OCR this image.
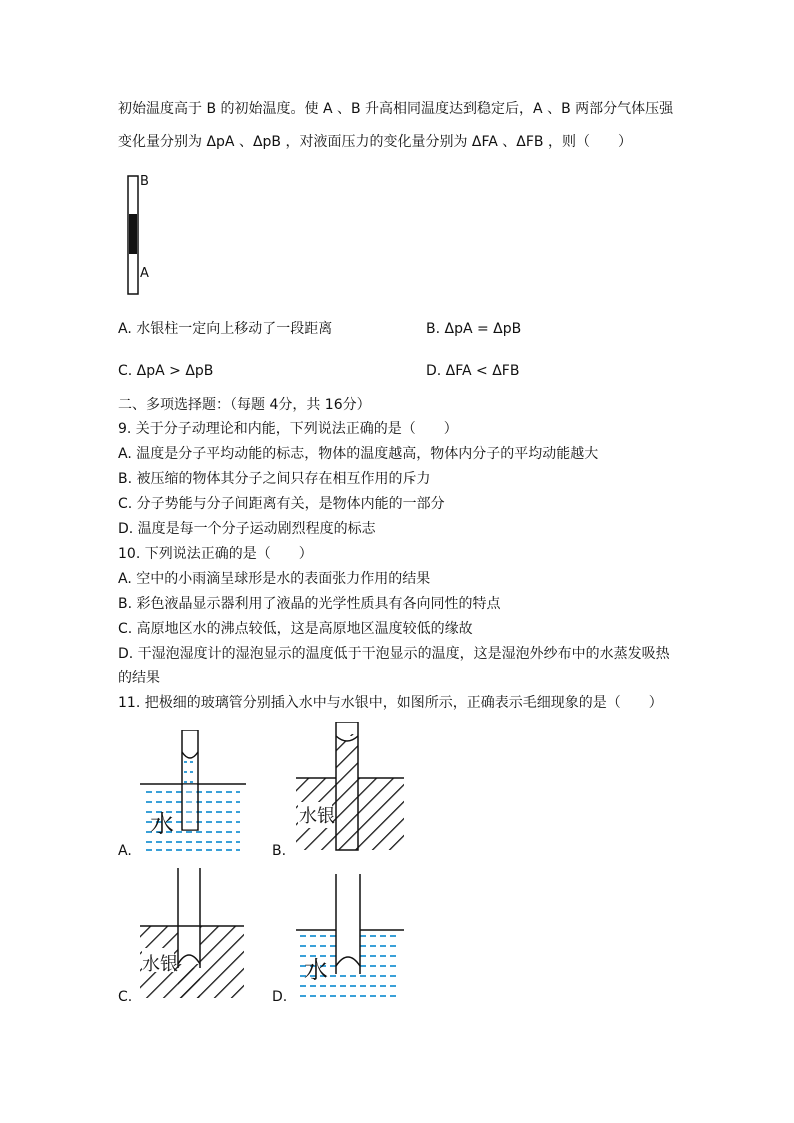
初始温度高于 B 的初始温度。使 A 、B 升高相同温度达到稳定后，A 、B 两部分气体压强
变化量分别为 ΔpA 、ΔpB ，对液面压力的变化量分别为 ΔFA 、ΔFB ，则（　　）
B
A
A. 水银柱一定向上移动了一段距离	B. ΔpA = ΔpB
C. ΔpA > ΔpB	D. ΔFA < ΔFB
二、多项选择题：（每题 4分，共 16分）
9. 关于分子动理论和内能，下列说法正确的是（　　）
A. 温度是分子平均动能的标志，物体的温度越高，物体内分子的平均动能越大
B. 被压缩的物体其分子之间只存在相互作用的斥力
C. 分子势能与分子间距离有关，是物体内能的一部分
D. 温度是每一个分子运动剧烈程度的标志
10. 下列说法正确的是（　　）
A. 空中的小雨滴呈球形是水的表面张力作用的结果
B. 彩色液晶显示器利用了液晶的光学性质具有各向同性的特点
C. 高原地区水的沸点较低，这是高原地区温度较低的缘故
D. 干湿泡湿度计的湿泡显示的温度低于干泡显示的温度，这是湿泡外纱布中的水蒸发吸热
的结果
11. 把极细的玻璃管分别插入水中与水银中，如图所示，正确表示毛细现象的是（　　）
水
A.
水银
B.
水银
C.
水
D.
